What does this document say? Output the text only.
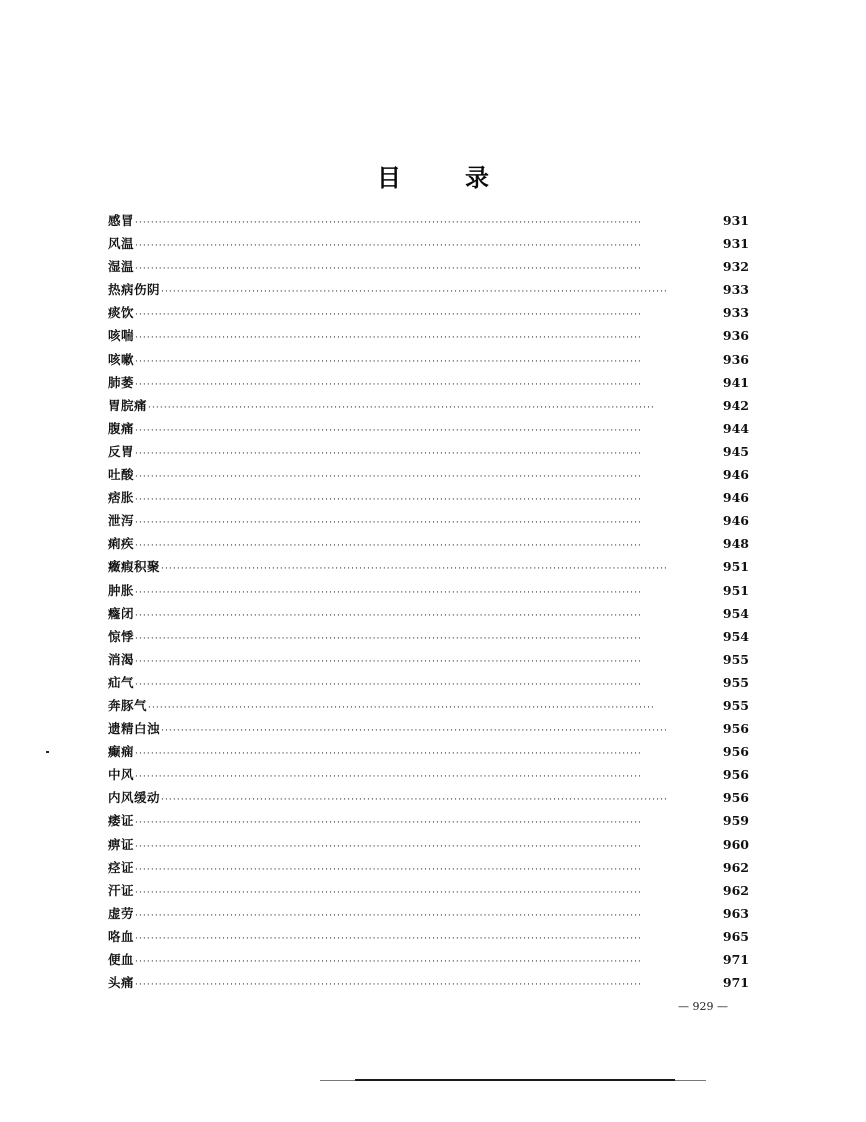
目	录
感冒 ·····	931
风温 ·····	931
湿温 ·····	932
热病伤阴 ·····	933
痰饮 ·····	933
咳喘 ·····	936
咳嗽 ·····	936
肺萎 ·····	941
胃脘痛 ·····	942
腹痛 ·····	944
反胃 ·····	945
吐酸 ·····	946
痞胀 ·····	946
泄泻 ·····	946
痢疾 ·····	948
癥瘕积聚 ·····	951
肿胀 ·····	951
癃闭 ·····	954
惊悸 ·····	954
消渴 ·····	955
疝气 ·····	955
奔豚气 ·····	955
遗精白浊 ·····	956
癫痫 ·····	956
中风 ·····	956
内风缓动 ·····	956
痿证 ·····	959
痹证 ·····	960
痉证 ·····	962
汗证 ·····	962
虚劳 ·····	963
咯血 ·····	965
便血 ·····	971
头痛 ·····	971
— 929 —
